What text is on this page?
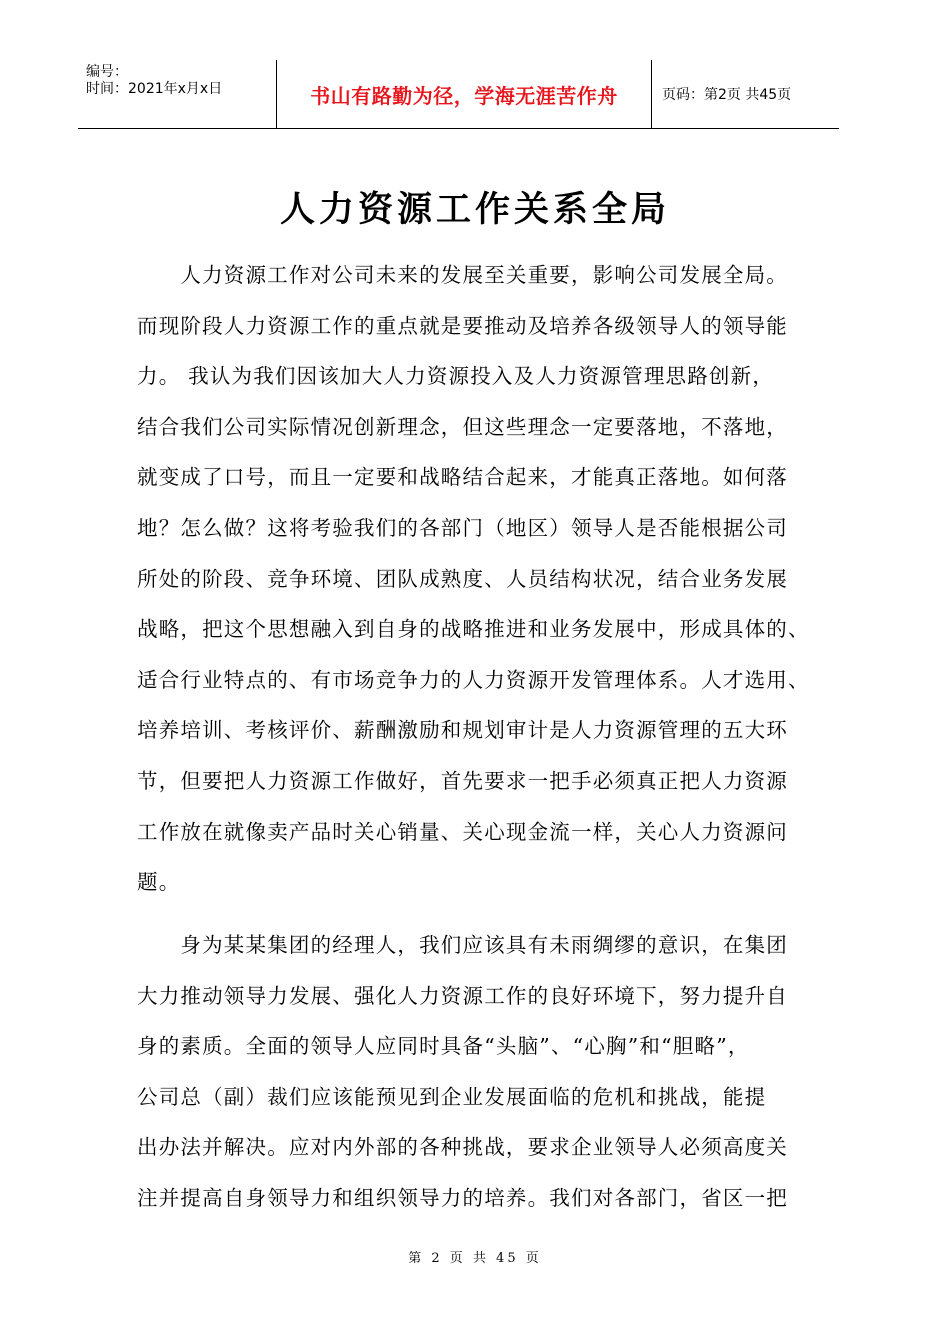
编号：
时间：2021年x月x日	书山有路勤为径，学海无涯苦作舟	页码：第2页 共45页
人力资源工作关系全局
　　人力资源工作对公司未来的发展至关重要，影响公司发展全局。
而现阶段人力资源工作的重点就是要推动及培养各级领导人的领导能
力。 我认为我们因该加大人力资源投入及人力资源管理思路创新，
结合我们公司实际情况创新理念，但这些理念一定要落地，不落地，
就变成了口号，而且一定要和战略结合起来，才能真正落地。如何落
地？怎么做？这将考验我们的各部门（地区）领导人是否能根据公司
所处的阶段、竞争环境、团队成熟度、人员结构状况，结合业务发展
战略，把这个思想融入到自身的战略推进和业务发展中，形成具体的、
适合行业特点的、有市场竞争力的人力资源开发管理体系。人才选用、
培养培训、考核评价、薪酬激励和规划审计是人力资源管理的五大环
节，但要把人力资源工作做好，首先要求一把手必须真正把人力资源
工作放在就像卖产品时关心销量、关心现金流一样，关心人力资源问
题。
　　身为某某集团的经理人，我们应该具有未雨绸缪的意识，在集团
大力推动领导力发展、强化人力资源工作的良好环境下，努力提升自
身的素质。全面的领导人应同时具备“头脑”、“心胸”和“胆略”，
公司总（副）裁们应该能预见到企业发展面临的危机和挑战，能提
出办法并解决。应对内外部的各种挑战，要求企业领导人必须高度关
注并提高自身领导力和组织领导力的培养。我们对各部门，省区一把
第 2 页 共 45 页
